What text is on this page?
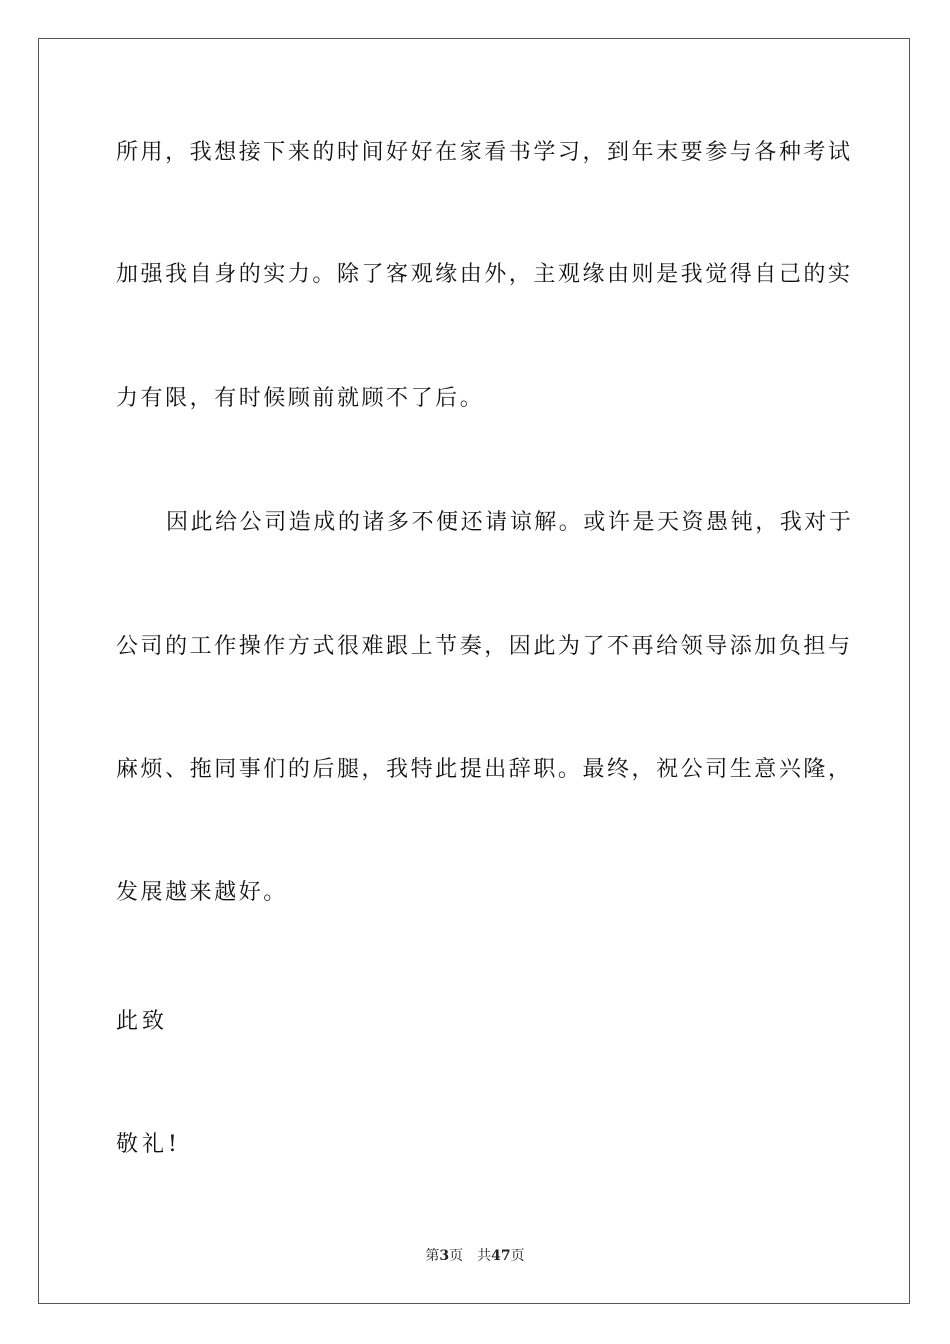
所用，我想接下来的时间好好在家看书学习，到年末要参与各种考试
加强我自身的实力。除了客观缘由外，主观缘由则是我觉得自己的实
力有限，有时候顾前就顾不了后。
因此给公司造成的诸多不便还请谅解。或许是天资愚钝，我对于
公司的工作操作方式很难跟上节奏，因此为了不再给领导添加负担与
麻烦、拖同事们的后腿，我特此提出辞职。最终，祝公司生意兴隆，
发展越来越好。
此致
敬礼!
第3页 共47页
